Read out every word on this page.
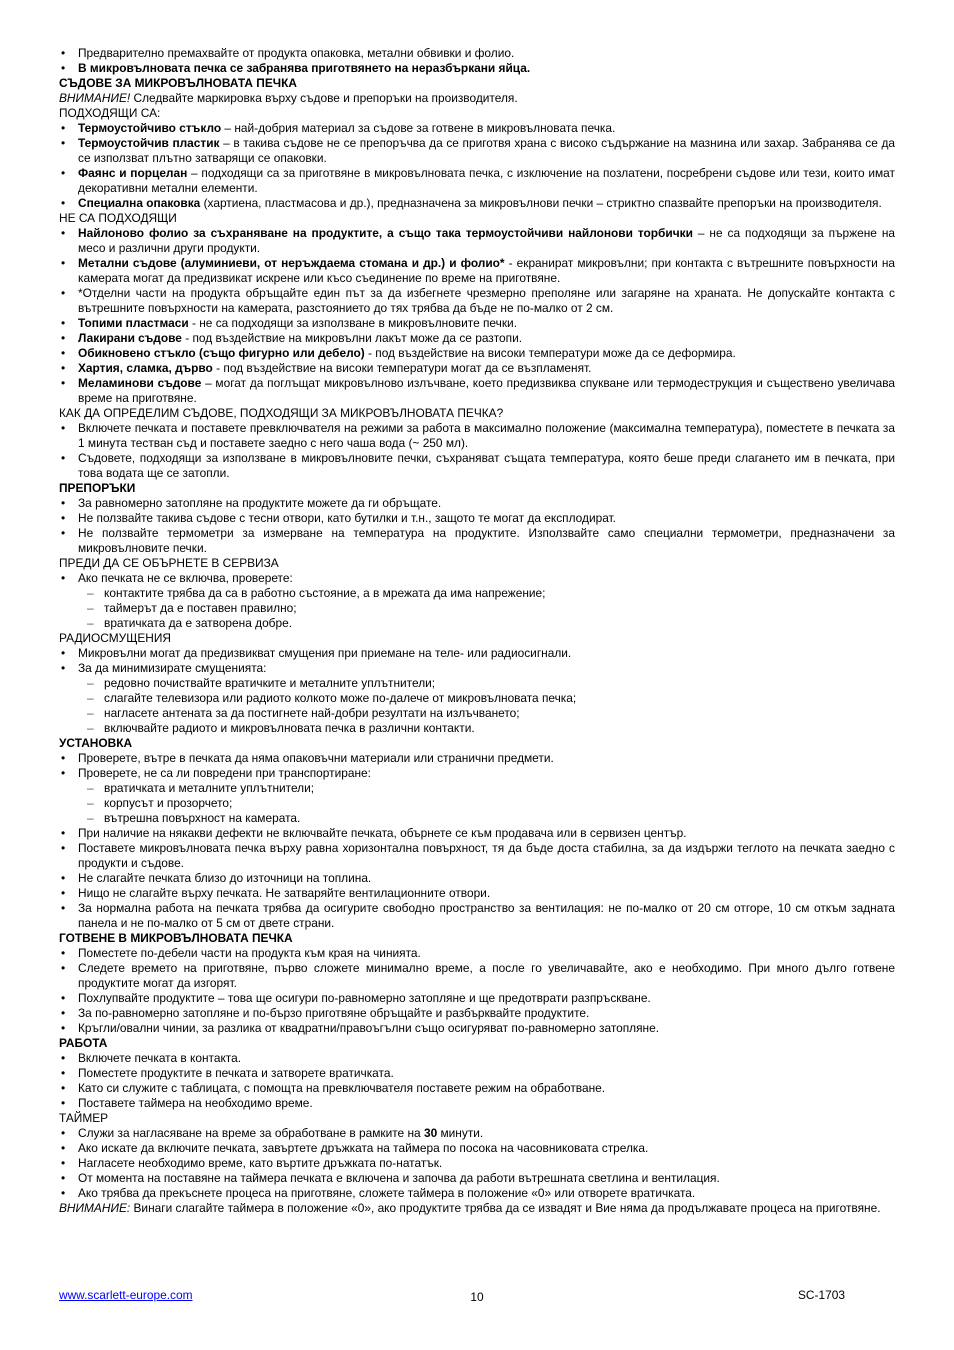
• Предварително премахвайте от продукта опаковка, метални обвивки и фолио.
• В микровълновата печка се забранява приготвянето на неразбъркани яйца.
СЪДОВЕ ЗА МИКРОВЪЛНОВАТА ПЕЧКА
ВНИМАНИЕ! Следвайте маркировка върху съдове и препоръки на производителя.
ПОДХОДЯЩИ СА:
• Термоустойчиво стъкло – най-добрия материал за съдове за готвене в микровълновата печка.
• Термоустойчив пластик – в такива съдове не се препоръчва да се приготвя храна с високо съдържание на мазнина или захар. Забранява се да се използват плътно затварящи се опаковки.
• Фаянс и порцелан – подходящи са за приготвяне в микровълновата печка, с изключение на позлатени, посребрени съдове или тези, които имат декоративни метални елементи.
• Специална опаковка (хартиена, пластмасова и др.), предназначена за микровълнови печки – стриктно спазвайте препоръки на производителя.
НЕ СА ПОДХОДЯЩИ
• Найлоново фолио за съхраняване на продуктите, а също така термоустойчиви найлонови торбички – не са подходящи за пържене на месо и различни други продукти.
• Метални съдове (алуминиеви, от неръждаема стомана и др.) и фолио* - екранират микровълни; при контакта с вътрешните повърхности на камерата могат да предизвикат искрене или късо съединение по време на приготвяне.
• *Отделни части на продукта обръщайте един път за да избегнете чрезмерно преполяне или загаряне на храната. Не допускайте контакта с вътрешните повърхности на камерата, разстоянието до тях трябва да бъде не по-малко от 2 см.
• Топими пластмаси - не са подходящи за използване в микровълновите печки.
• Лакирани съдове - под въздействие на микровълни лакът може да се разтопи.
• Обикновено стъкло (също фигурно или дебело) - под въздействие на високи температури може да се деформира.
• Хартия, сламка, дърво - под въздействие на високи температури могат да се възпламенят.
• Меламинови съдове – могат да поглъщат микровълново излъчване, което предизвиква спукване или термодеструкция и съществено увеличава време на приготвяне.
КАК ДА ОПРЕДЕЛИМ СЪДОВЕ, ПОДХОДЯЩИ ЗА МИКРОВЪЛНОВАТА ПЕЧКА?
• Включете печката и поставете превключвателя на режими за работа в максимално положение (максимална температура), поместете в печката за 1 минута тестван съд и поставете заедно с него чаша вода (~ 250 мл).
• Съдовете, подходящи за използване в микровълновите печки, съхраняват същата температура, която беше преди слагането им в печката, при това водата ще се затопли.
ПРЕПОРЪКИ
• За равномерно затопляне на продуктите можете да ги обръщате.
• Не ползвайте такива съдове с тесни отвори, като бутилки и т.н., защото те могат да експлодират.
• Не ползвайте термометри за измерване на температура на продуктите. Използвайте само специални термометри, предназначени за микровълновите печки.
ПРЕДИ ДА СЕ ОБЪРНЕТЕ В СЕРВИЗА
• Ако печката не се включва, проверете:
– контактите трябва да са в работно състояние, а в мрежата да има напрежение;
– таймерът да е поставен правилно;
– вратичката да е затворена добре.
РАДИОСМУЩЕНИЯ
• Микровълни могат да предизвикват смущения при приемане на теле- или радиосигнали.
• За да минимизирате смущенията:
– редовно почиствайте вратичките и металните уплътнители;
– слагайте телевизора или радиото колкото може по-далече от микровълновата печка;
– нагласете антената за да постигнете най-добри резултати на излъчването;
– включвайте радиото и микровълновата печка в различни контакти.
УСТАНОВКА
• Проверете, вътре в печката да няма опаковъчни материали или странични предмети.
• Проверете, не са ли повредени при транспортиране:
– вратичката и металните уплътнители;
– корпусът и прозорчето;
– вътрешна повърхност на камерата.
• При наличие на някакви дефекти не включвайте печката, обърнете се към продавача или в сервизен център.
• Поставете микровълновата печка върху равна хоризонтална повърхност, тя да бъде доста стабилна, за да издържи теглото на печката заедно с продукти и съдове.
• Не слагайте печката близо до източници на топлина.
• Нищо не слагайте върху печката. Не затваряйте вентилационните отвори.
• За нормална работа на печката трябва да осигурите свободно пространство за вентилация: не по-малко от 20 см отгоре, 10 см откъм задната панела и не по-малко от 5 см от двете страни.
ГОТВЕНЕ В МИКРОВЪЛНОВАТА ПЕЧКА
• Поместете по-дебели части на продукта към края на чинията.
• Следете времето на приготвяне, първо сложете минимално време, а после го увеличавайте, ако е необходимо. При много дълго готвене продуктите могат да изгорят.
• Похлупвайте продуктите – това ще осигури по-равномерно затопляне и ще предотврати разпръскване.
• За по-равномерно затопляне и по-бързо приготвяне обръщайте и разбърквайте продуктите.
• Кръгли/овални чинии, за разлика от квадратни/правоъгълни също осигуряват по-равномерно затопляне.
РАБОТА
• Включете печката в контакта.
• Поместете продуктите в печката и затворете вратичката.
• Като си служите с таблицата, с помощта на превключвателя поставете режим на обработване.
• Поставете таймера на необходимо време.
ТАЙМЕР
• Служи за нагласяване на време за обработване в рамките на 30 минути.
• Ако искате да включите печката, завъртете дръжката на таймера по посока на часовниковата стрелка.
• Нагласете необходимо време, като въртите дръжката по-нататък.
• От момента на поставяне на таймера печката е включена и започва да работи вътрешната светлина и вентилация.
• Ако трябва да прекъснете процеса на приготвяне, сложете таймера в положение «0» или отворете вратичката.
ВНИМАНИЕ: Винаги слагайте таймера в положение «0», ако продуктите трябва да се извадят и Вие няма да продължавате процеса на приготвяне.
www.scarlett-europe.com	10	SC-1703
